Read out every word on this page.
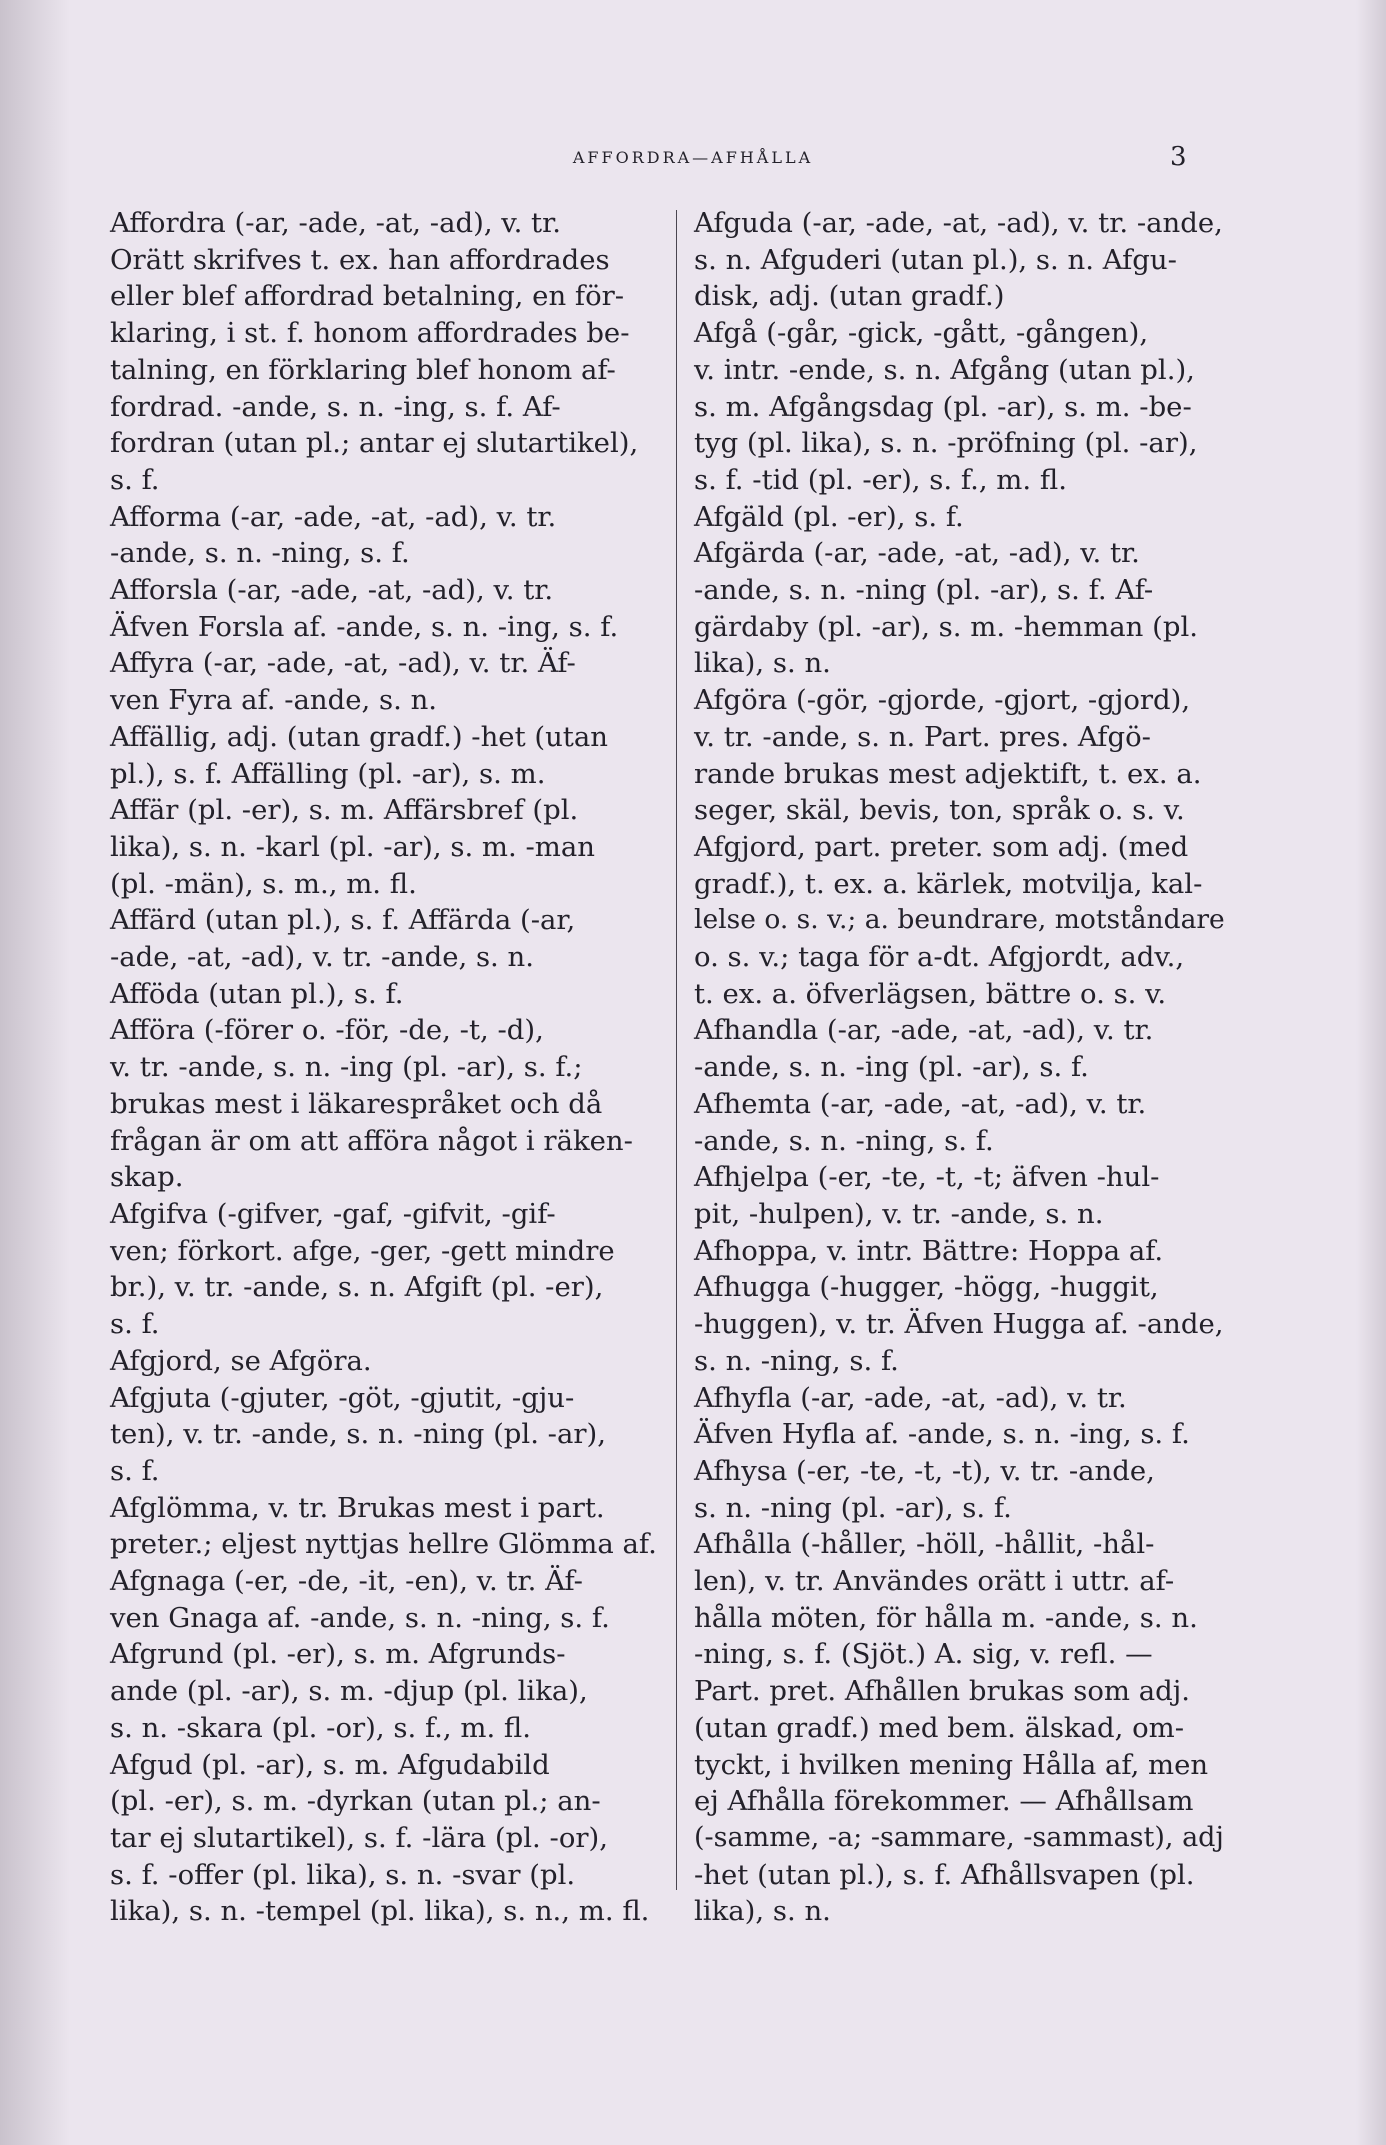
AFFORDRA—AFHÅLLA	3
Affordra (-ar, -ade, -at, -ad), v. tr.
Orätt skrifves t. ex. han affordrades
eller blef affordrad betalning, en för-
klaring, i st. f. honom affordrades be-
talning, en förklaring blef honom af-
fordrad. -ande, s. n. -ing, s. f. Af-
fordran (utan pl.; antar ej slutartikel),
s. f.
Afforma (-ar, -ade, -at, -ad), v. tr.
-ande, s. n. -ning, s. f.
Afforsla (-ar, -ade, -at, -ad), v. tr.
Äfven Forsla af. -ande, s. n. -ing, s. f.
Affyra (-ar, -ade, -at, -ad), v. tr. Äf-
ven Fyra af. -ande, s. n.
Affällig, adj. (utan gradf.) -het (utan
pl.), s. f. Affälling (pl. -ar), s. m.
Affär (pl. -er), s. m. Affärsbref (pl.
lika), s. n. -karl (pl. -ar), s. m. -man
(pl. -män), s. m., m. fl.
Affärd (utan pl.), s. f. Affärda (-ar,
-ade, -at, -ad), v. tr. -ande, s. n.
Afföda (utan pl.), s. f.
Afföra (-förer o. -för, -de, -t, -d),
v. tr. -ande, s. n. -ing (pl. -ar), s. f.;
brukas mest i läkarespråket och då
frågan är om att afföra något i räken-
skap.
Afgifva (-gifver, -gaf, -gifvit, -gif-
ven; förkort. afge, -ger, -gett mindre
br.), v. tr. -ande, s. n. Afgift (pl. -er),
s. f.
Afgjord, se Afgöra.
Afgjuta (-gjuter, -göt, -gjutit, -gju-
ten), v. tr. -ande, s. n. -ning (pl. -ar),
s. f.
Afglömma, v. tr. Brukas mest i part.
preter.; eljest nyttjas hellre Glömma af.
Afgnaga (-er, -de, -it, -en), v. tr. Äf-
ven Gnaga af. -ande, s. n. -ning, s. f.
Afgrund (pl. -er), s. m. Afgrunds-
ande (pl. -ar), s. m. -djup (pl. lika),
s. n. -skara (pl. -or), s. f., m. fl.
Afgud (pl. -ar), s. m. Afgudabild
(pl. -er), s. m. -dyrkan (utan pl.; an-
tar ej slutartikel), s. f. -lära (pl. -or),
s. f. -offer (pl. lika), s. n. -svar (pl.
lika), s. n. -tempel (pl. lika), s. n., m. fl.
Afguda (-ar, -ade, -at, -ad), v. tr. -ande,
s. n. Afguderi (utan pl.), s. n. Afgu-
disk, adj. (utan gradf.)
Afgå (-går, -gick, -gått, -gången),
v. intr. -ende, s. n. Afgång (utan pl.),
s. m. Afgångsdag (pl. -ar), s. m. -be-
tyg (pl. lika), s. n. -pröfning (pl. -ar),
s. f. -tid (pl. -er), s. f., m. fl.
Afgäld (pl. -er), s. f.
Afgärda (-ar, -ade, -at, -ad), v. tr.
-ande, s. n. -ning (pl. -ar), s. f. Af-
gärdaby (pl. -ar), s. m. -hemman (pl.
lika), s. n.
Afgöra (-gör, -gjorde, -gjort, -gjord),
v. tr. -ande, s. n. Part. pres. Afgö-
rande brukas mest adjektift, t. ex. a.
seger, skäl, bevis, ton, språk o. s. v.
Afgjord, part. preter. som adj. (med
gradf.), t. ex. a. kärlek, motvilja, kal-
lelse o. s. v.; a. beundrare, motståndare
o. s. v.; taga för a-dt. Afgjordt, adv.,
t. ex. a. öfverlägsen, bättre o. s. v.
Afhandla (-ar, -ade, -at, -ad), v. tr.
-ande, s. n. -ing (pl. -ar), s. f.
Afhemta (-ar, -ade, -at, -ad), v. tr.
-ande, s. n. -ning, s. f.
Afhjelpa (-er, -te, -t, -t; äfven -hul-
pit, -hulpen), v. tr. -ande, s. n.
Afhoppa, v. intr. Bättre: Hoppa af.
Afhugga (-hugger, -högg, -huggit,
-huggen), v. tr. Äfven Hugga af. -ande,
s. n. -ning, s. f.
Afhyfla (-ar, -ade, -at, -ad), v. tr.
Äfven Hyfla af. -ande, s. n. -ing, s. f.
Afhysa (-er, -te, -t, -t), v. tr. -ande,
s. n. -ning (pl. -ar), s. f.
Afhålla (-håller, -höll, -hållit, -hål-
len), v. tr. Användes orätt i uttr. af-
hålla möten, för hålla m. -ande, s. n.
-ning, s. f. (Sjöt.) A. sig, v. refl. —
Part. pret. Afhållen brukas som adj.
(utan gradf.) med bem. älskad, om-
tyckt, i hvilken mening Hålla af, men
ej Afhålla förekommer. — Afhållsam
(-samme, -a; -sammare, -sammast), adj
-het (utan pl.), s. f. Afhållsvapen (pl.
lika), s. n.
